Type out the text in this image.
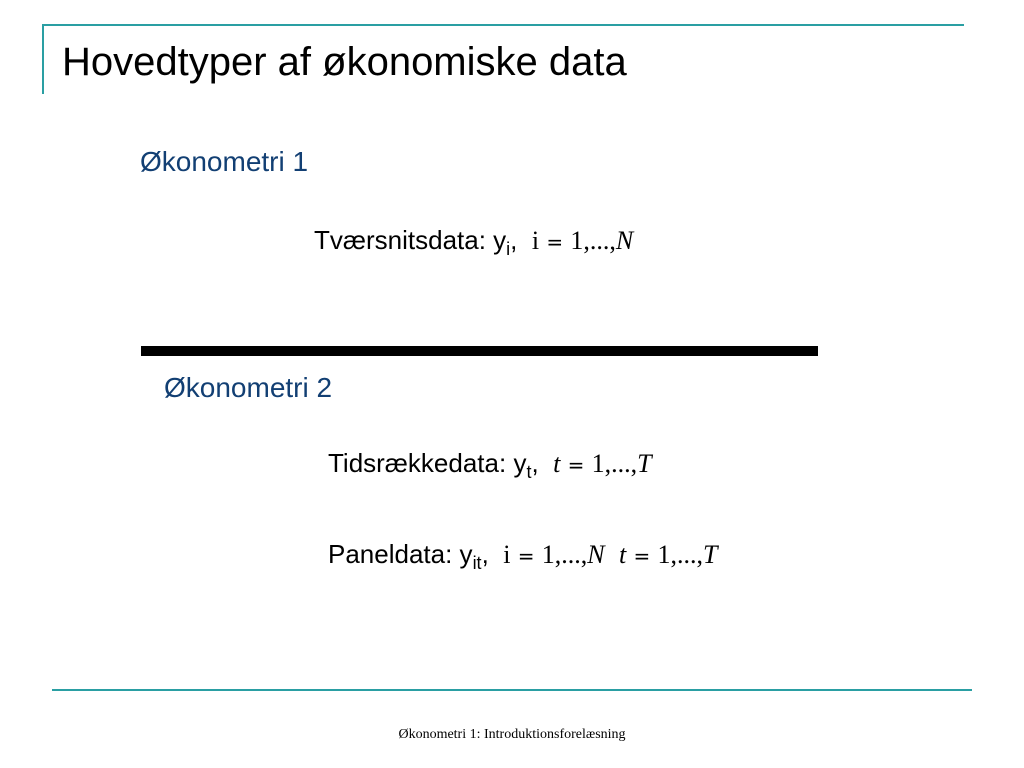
Hovedtyper af økonomiske data
Økonometri 1
Tværsnitsdata: $y_i$, i = 1,...,N
Økonometri 2
Tidsrækkedata: $y_t$, t = 1,...,T
Paneldata: $y_{it}$, i = 1,...,N t = 1,...,T
Økonometri 1: Introduktionsforelæsning
